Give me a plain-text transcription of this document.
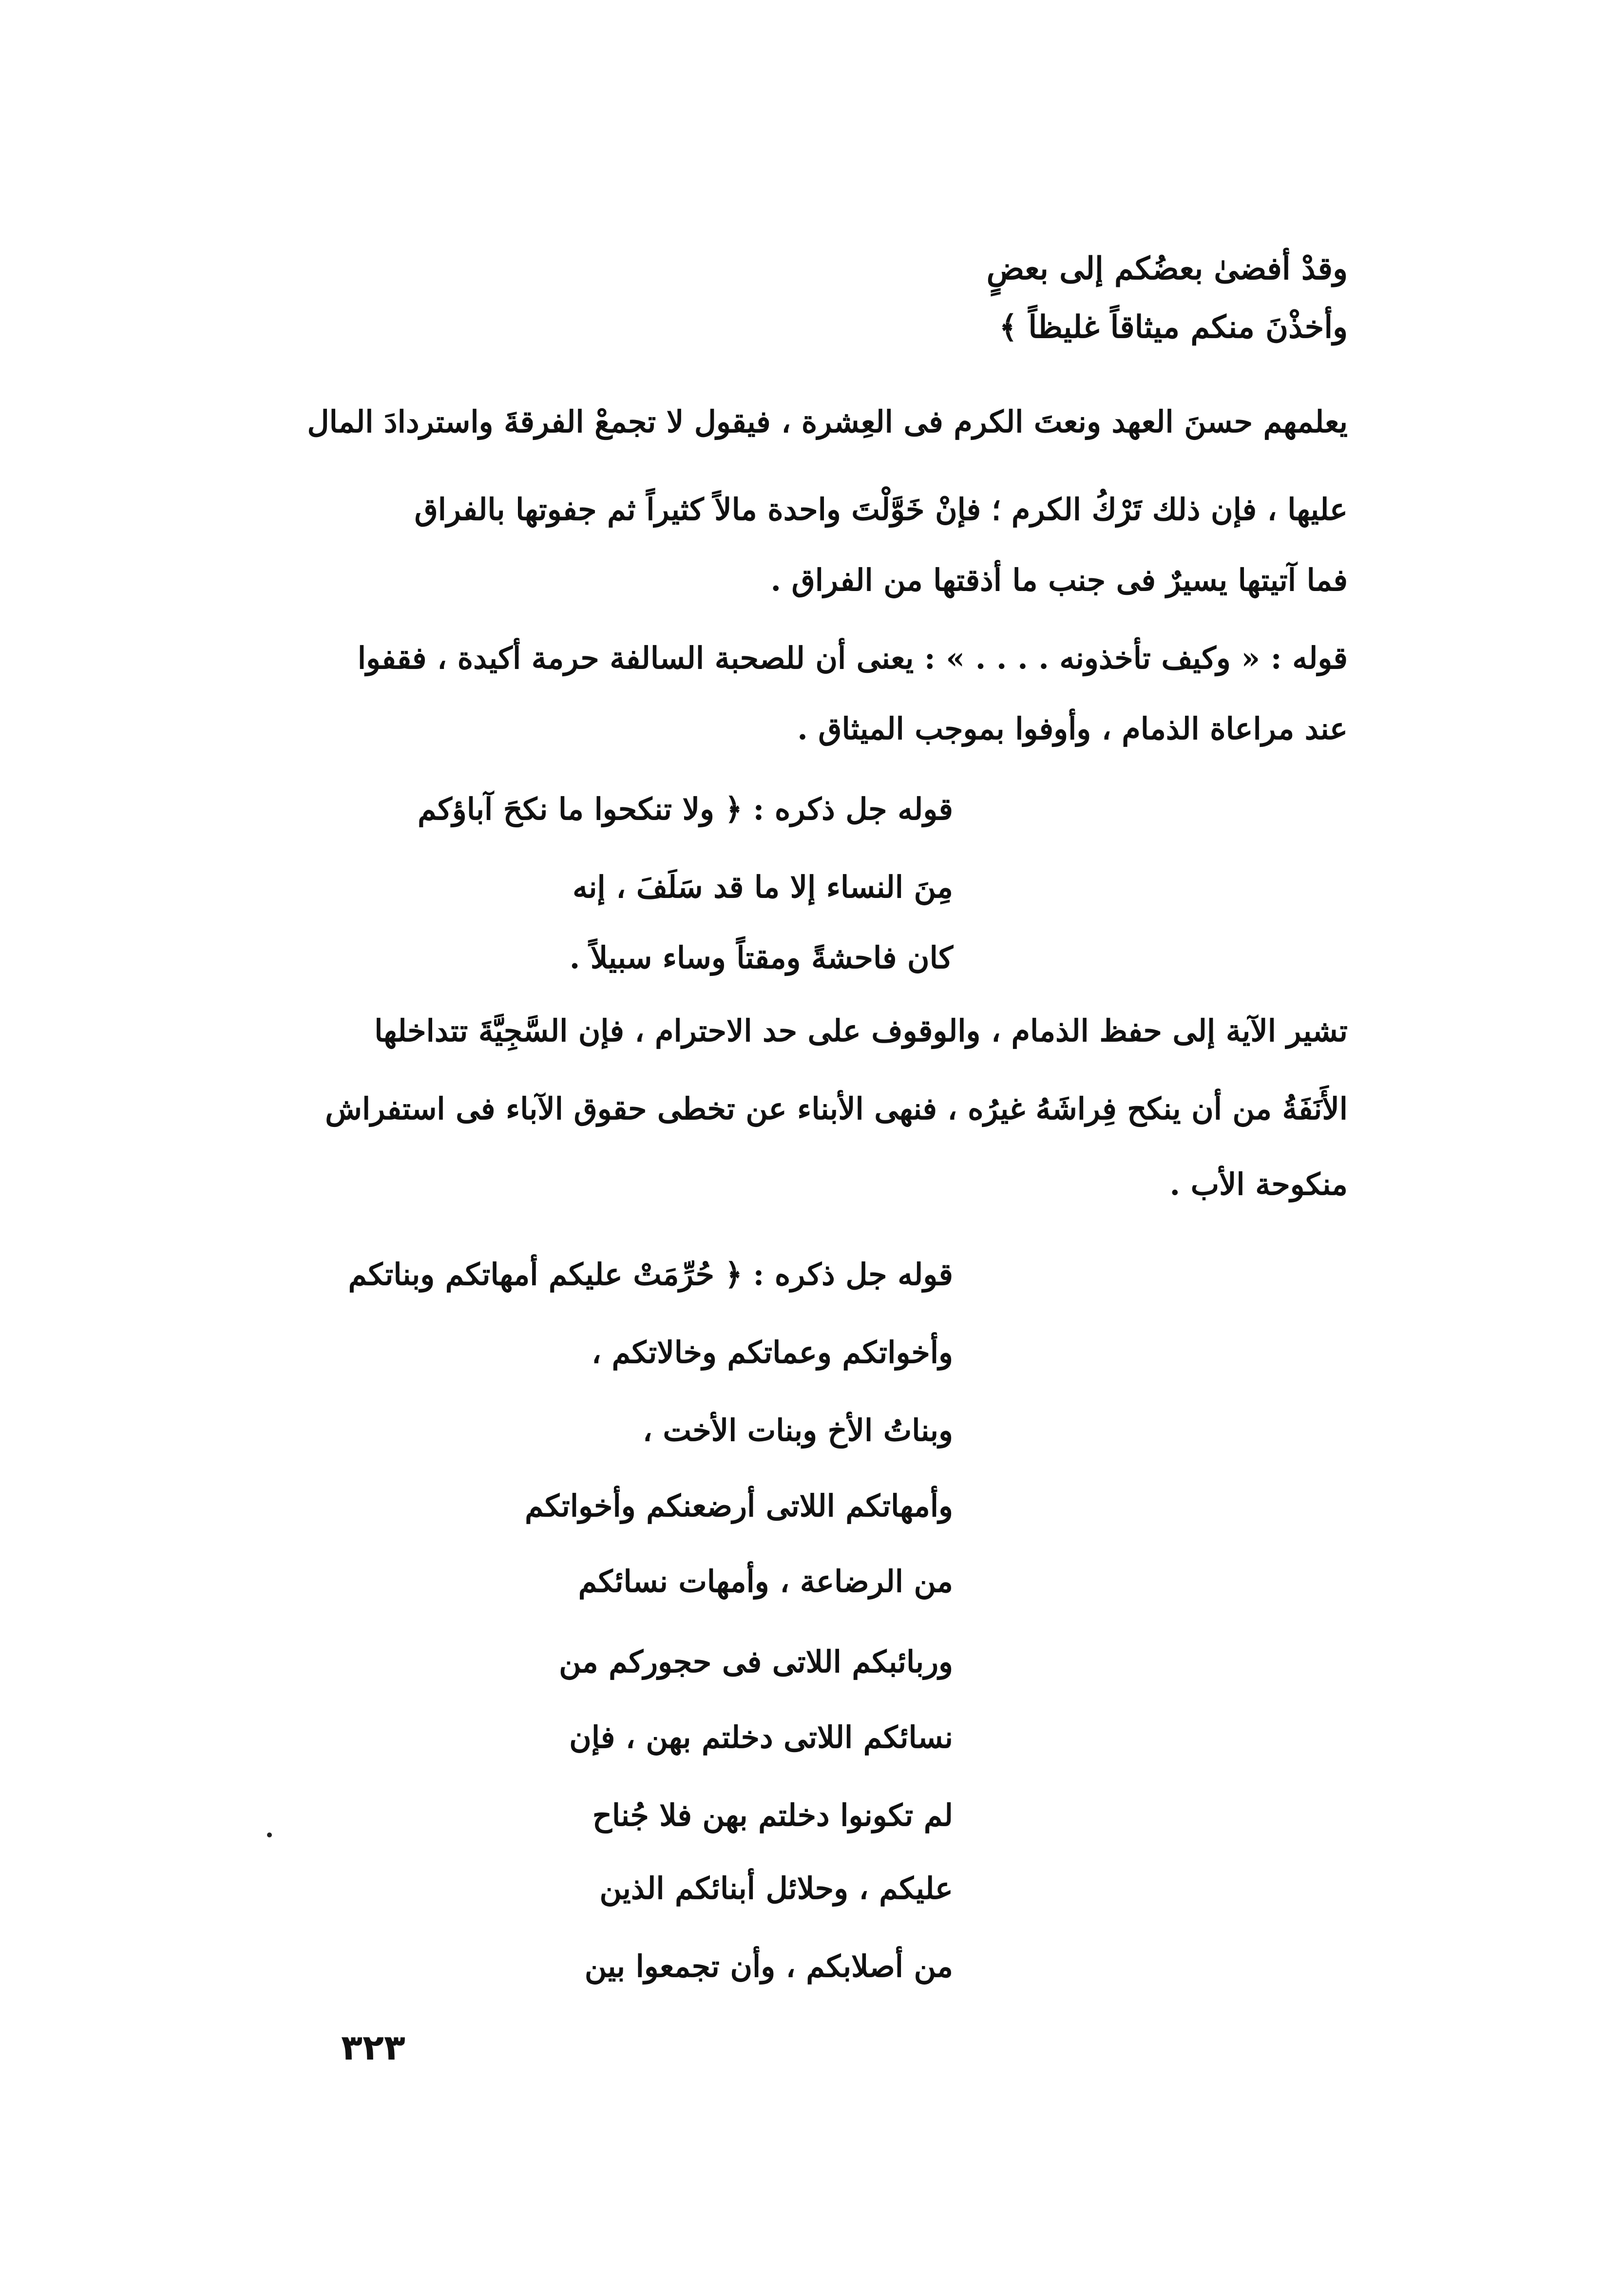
وقدْ أفضىٰ بعضُكم إلى بعضٍ
وأخذْنَ منكم ميثاقاً غليظاً ﴾
يعلمهم حسنَ العهد ونعتَ الكرم فى العِشرة ، فيقول لا تجمعْ الفرقةَ واستردادَ المال
عليها ، فإن ذلك تَرْكُ الكرم ؛ فإنْ خَوَّلْتَ واحدة مالاً كثيراً ثم جفوتها بالفراق
فما آتيتها يسيرٌ فى جنب ما أذقتها من الفراق .
قوله : « وكيف تأخذونه . . . . » : يعنى أن للصحبة السالفة حرمة أكيدة ، فقفوا
عند مراعاة الذمام ، وأوفوا بموجب الميثاق .
قوله جل ذكره : ﴿ ولا تنكحوا ما نكحَ آباؤكم
مِنَ النساء إلا ما قد سَلَفَ ، إنه
كان فاحشةً ومقتاً وساء سبيلاً .
تشير الآية إلى حفظ الذمام ، والوقوف على حد الاحترام ، فإن السَّجِيَّةَ تتداخلها
الأَنَفَةُ من أن ينكح فِراشَهُ غيرُه ، فنهى الأبناء عن تخطى حقوق الآباء فى استفراش
منكوحة الأب .
قوله جل ذكره : ﴿ حُرِّمَتْ عليكم أمهاتكم وبناتكم
وأخواتكم وعماتكم وخالاتكم ،
وبناتُ الأخ وبنات الأخت ،
وأمهاتكم اللاتى أرضعنكم وأخواتكم
من الرضاعة ، وأمهات نسائكم
وربائبكم اللاتى فى حجوركم من
نسائكم اللاتى دخلتم بهن ، فإن
لم تكونوا دخلتم بهن فلا جُناح
عليكم ، وحلائل أبنائكم الذين
من أصلابكم ، وأن تجمعوا بين
٣٢٣
